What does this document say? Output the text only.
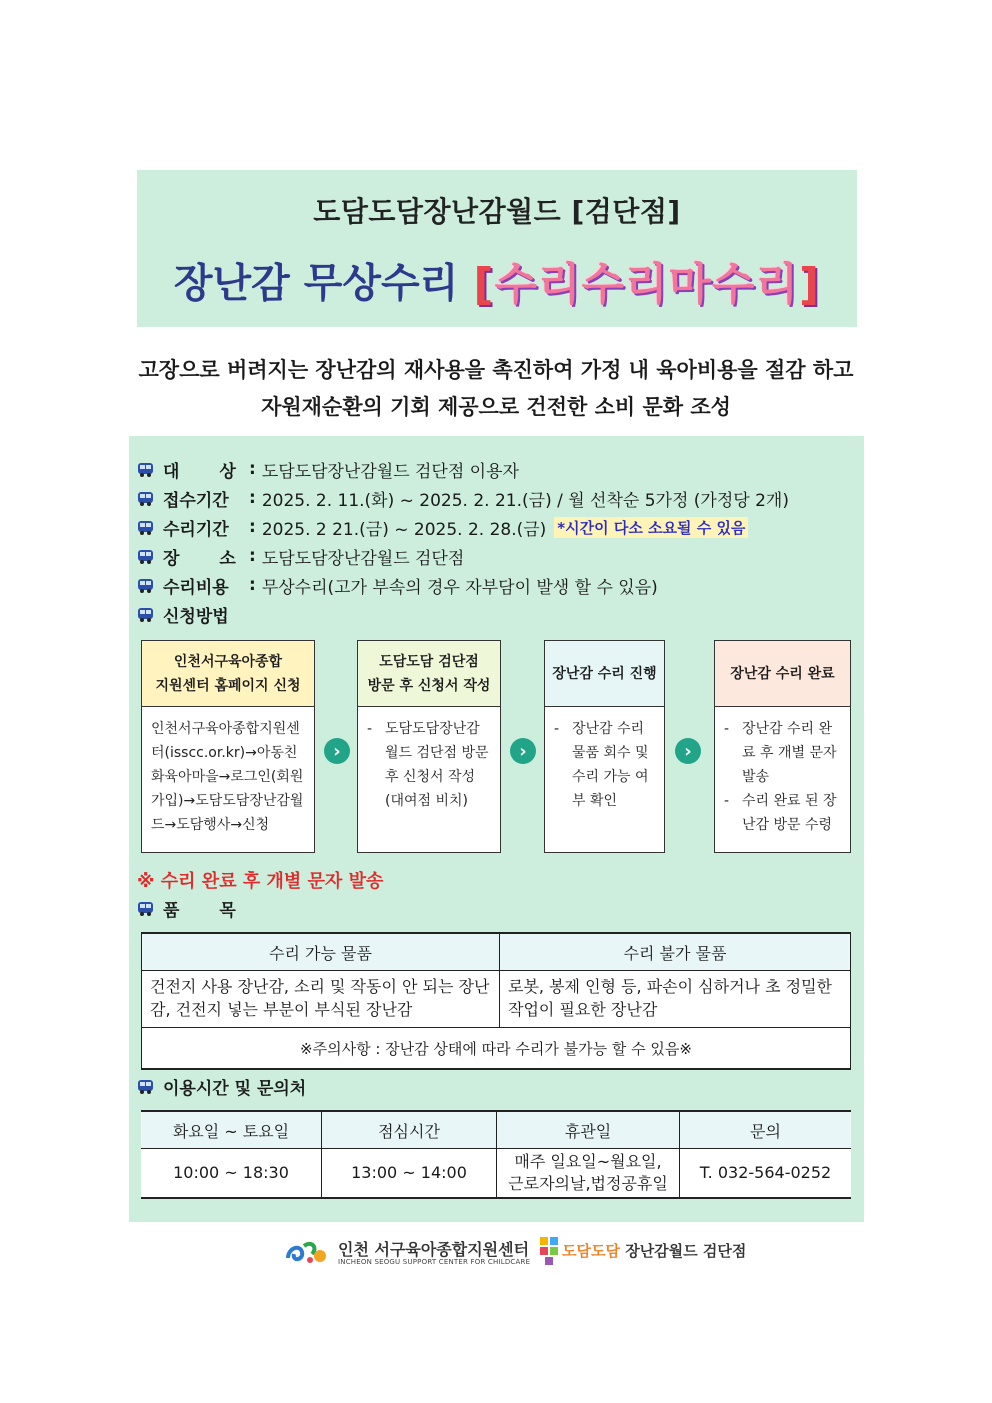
도담도담장난감월드 [검단점]
장난감 무상수리 [수리수리마수리]
고장으로 버려지는 장난감의 재사용을 촉진하여 가정 내 육아비용을 절감 하고
자원재순환의 기회 제공으로 건전한 소비 문화 조성
대　　 상 : 도담도담장난감월드 검단점 이용자
접수기간	: 2025. 2. 11.(화) ~ 2025. 2. 21.(금) / 월 선착순 5가정 (가정당 2개)
수리기간	: 2025. 2 21.(금) ~ 2025. 2. 28.(금) *시간이 다소 소요될 수 있음
장　　 소 : 도담도담장난감월드 검단점
수리비용	: 무상수리(고가 부속의 경우 자부담이 발생 할 수 있음)
신청방법
인천서구육아종합
지원센터 홈페이지 신청
인천서구육아종합지원센터(isscc.or.kr)→아동친화육아마을→로그인(회원가입)→도담도담장난감월드→도담행사→신청
›
도담도담 검단점
방문 후 신청서 작성
- 도담도담장난감월드 검단점 방문 후 신청서 작성 (대여점 비치)
›
장난감 수리 진행
- 장난감 수리 물품 회수 및 수리 가능 여부 확인
›
장난감 수리 완료
- 장난감 수리 완료 후 개별 문자 발송
- 수리 완료 된 장난감 방문 수령
※ 수리 완료 후 개별 문자 발송
품　　 목
수리 가능 물품	수리 불가 물품
건전지 사용 장난감, 소리 및 작동이 안 되는 장난감, 건전지 넣는 부분이 부식된 장난감	로봇, 봉제 인형 등, 파손이 심하거나 초 정밀한 작업이 필요한 장난감
※주의사항 : 장난감 상태에 따라 수리가 불가능 할 수 있음※	
이용시간 및 문의처
화요일 ~ 토요일	점심시간	휴관일	문의
10:00 ~ 18:30	13:00 ~ 14:00	매주 일요일~월요일,
근로자의날,법정공휴일	T. 032-564-0252
인천 서구육아종합지원센터
INCHEON SEOGU SUPPORT CENTER FOR CHILDCARE
도담도담 장난감월드 검단점
